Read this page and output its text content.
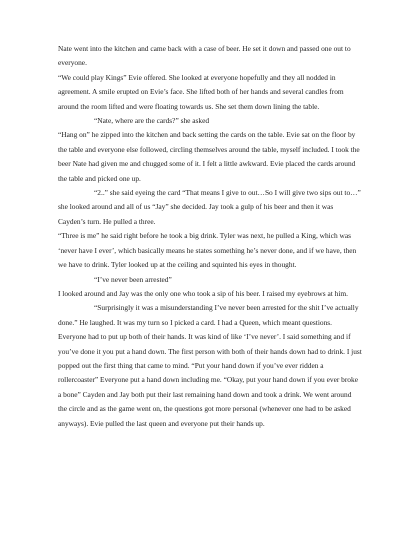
Nate went into the kitchen and came back with a case of beer. He set it down and passed one out to everyone.

“We could play Kings” Evie offered. She looked at everyone hopefully and they all nodded in agreement. A smile erupted on Evie’s face. She lifted both of her hands and several candles from around the room lifted and were floating towards us. She set them down lining the table.

“Nate, where are the cards?” she asked

“Hang on” he zipped into the kitchen and back setting the cards on the table. Evie sat on the floor by the table and everyone else followed, circling themselves around the table, myself included. I took the beer Nate had given me and chugged some of it. I felt a little awkward. Evie placed the cards around the table and picked one up.

“2..” she said eyeing the card “That means I give to out…So I will give two sips out to…” she looked around and all of us “Jay” she decided. Jay took a gulp of his beer and then it was Cayden’s turn. He pulled a three.

“Three is me” he said right before he took a big drink. Tyler was next, he pulled a King, which was ‘never have I ever’, which basically means he states something he’s never done, and if we have, then we have to drink. Tyler looked up at the ceiling and squinted his eyes in thought.

“I’ve never been arrested”

I looked around and Jay was the only one who took a sip of his beer. I raised my eyebrows at him.

“Surprisingly it was a misunderstanding I’ve never been arrested for the shit I’ve actually done.” He laughed. It was my turn so I picked a card. I had a Queen, which meant questions. Everyone had to put up both of their hands. It was kind of like ‘I’ve never’. I said something and if you’ve done it you put a hand down. The first person with both of their hands down had to drink. I just popped out the first thing that came to mind. “Put your hand down if you’ve ever ridden a rollercoaster” Everyone put a hand down including me. “Okay, put your hand down if you ever broke a bone” Cayden and Jay both put their last remaining hand down and took a drink. We went around the circle and as the game went on, the questions got more personal (whenever one had to be asked anyways). Evie pulled the last queen and everyone put their hands up.
